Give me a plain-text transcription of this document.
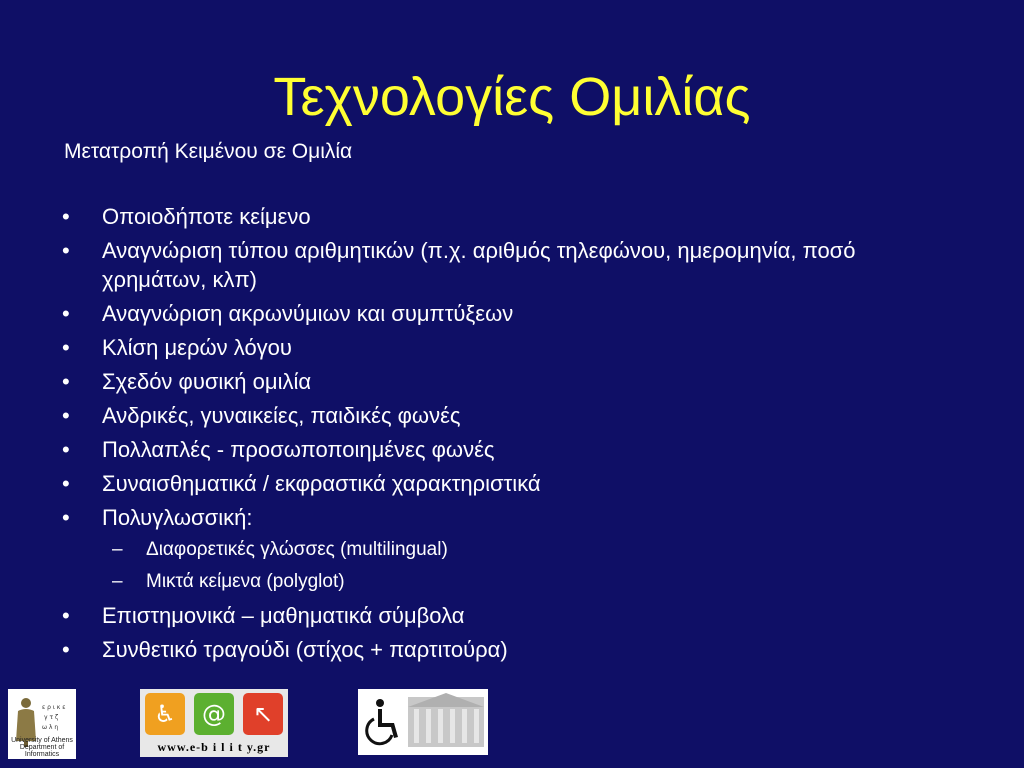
Τεχνολογίες Ομιλίας
Μετατροπή Κειμένου σε Ομιλία
• Οποιοδήποτε κείμενο
• Αναγνώριση τύπου αριθμητικών (π.χ. αριθμός τηλεφώνου, ημερομηνία, ποσό χρημάτων, κλπ)
• Αναγνώριση ακρωνύμιων και συμπτύξεων
• Κλίση μερών λόγου
• Σχεδόν φυσική ομιλία
• Ανδρικές, γυναικείες, παιδικές φωνές
• Πολλαπλές - προσωποποιημένες φωνές
• Συναισθηματικά / εκφραστικά χαρακτηριστικά
• Πολυγλωσσική:
– Διαφορετικές γλώσσες (multilingual)
– Μικτά κείμενα (polyglot)
• Επιστημονικά – μαθηματικά σύμβολα
• Συνθετικό τραγούδι (στίχος + παρτιτούρα)
ε ρ ι κ ε
γ τ ζ
ω λ η
University of Athens Department of Informatics
♿	@	↖
www.e-b i l i t y.gr
